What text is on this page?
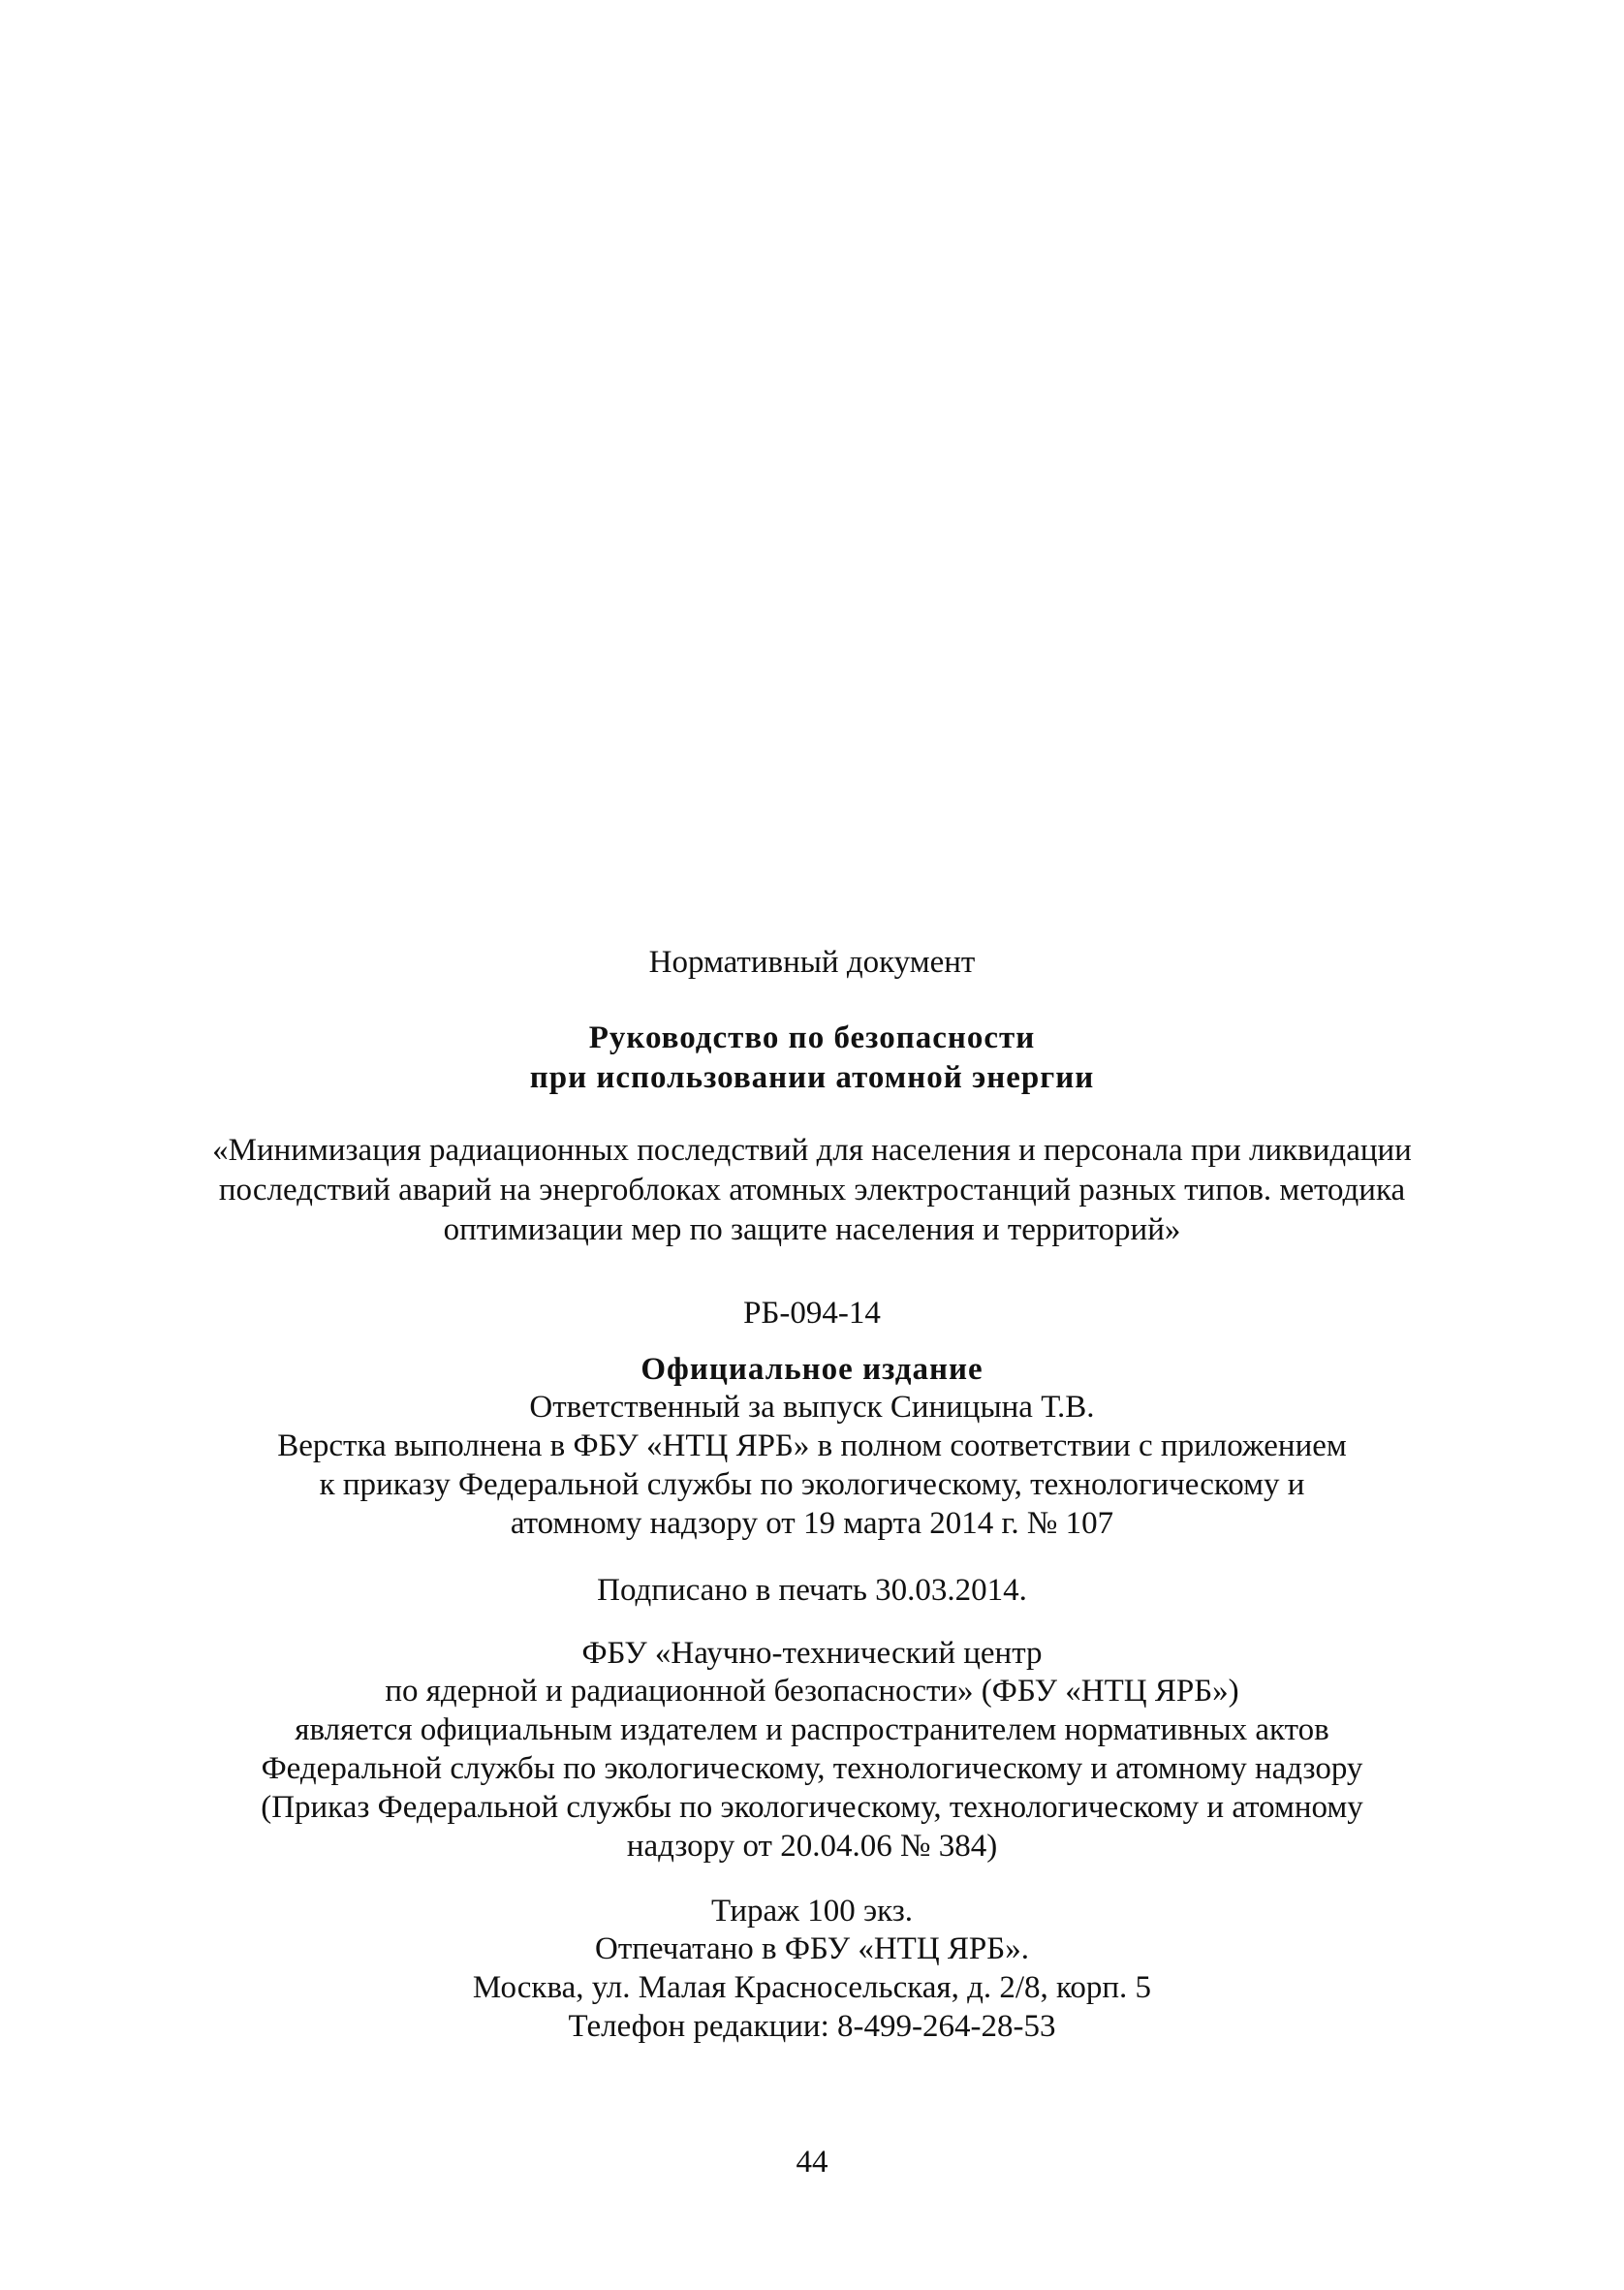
Нормативный документ
Руководство по безопасности
при использовании атомной энергии
«Минимизация радиационных последствий для населения и персонала при ликвидации
последствий аварий на энергоблоках атомных электростанций разных типов. методика
оптимизации мер по защите населения и территорий»
РБ-094-14
Официальное издание
Ответственный за выпуск Синицына Т.В.
Верстка выполнена в ФБУ «НТЦ ЯРБ» в полном соответствии с приложением
к приказу Федеральной службы по экологическому, технологическому и
атомному надзору от 19 марта 2014 г. № 107
Подписано в печать 30.03.2014.
ФБУ «Научно-технический центр
по ядерной и радиационной безопасности» (ФБУ «НТЦ ЯРБ»)
является официальным издателем и распространителем нормативных актов
Федеральной службы по экологическому, технологическому и атомному надзору
(Приказ Федеральной службы по экологическому, технологическому и атомному
надзору от 20.04.06 № 384)
Тираж 100 экз.
Отпечатано в ФБУ «НТЦ ЯРБ».
Москва, ул. Малая Красносельская, д. 2/8, корп. 5
Телефон редакции: 8-499-264-28-53
44
